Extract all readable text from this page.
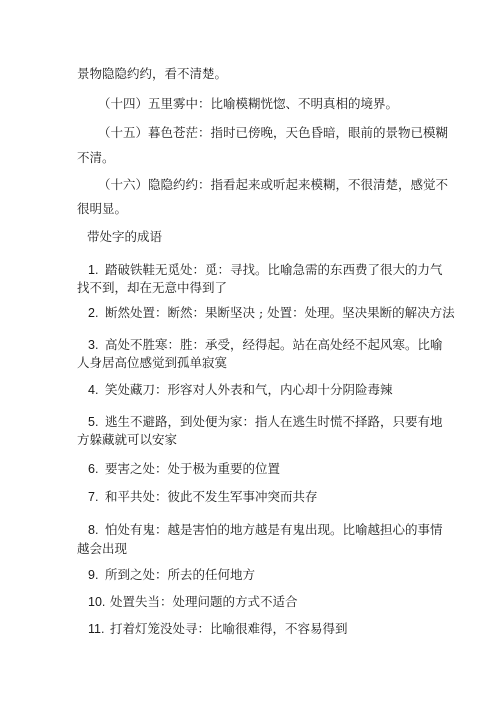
景物隐隐约约，看不清楚。
（十四）五里雾中：比喻模糊恍惚、不明真相的境界。
（十五）暮色苍茫：指时已傍晚，天色昏暗，眼前的景物已模糊
不清。
（十六）隐隐约约：指看起来或听起来模糊，不很清楚，感觉不
很明显。
带处字的成语
1. 踏破铁鞋无觅处：觅：寻找。比喻急需的东西费了很大的力气
找不到，却在无意中得到了
2. 断然处置：断然：果断坚决 ; 处置：处理。坚决果断的解决方法
3. 高处不胜寒：胜：承受，经得起。站在高处经不起风寒。比喻
人身居高位感觉到孤单寂寞
4. 笑处藏刀：形容对人外表和气，内心却十分阴险毒辣
5. 逃生不避路，到处便为家：指人在逃生时慌不择路，只要有地
方躲藏就可以安家
6. 要害之处：处于极为重要的位置
7. 和平共处：彼此不发生军事冲突而共存
8. 怕处有鬼：越是害怕的地方越是有鬼出现。比喻越担心的事情
越会出现
9. 所到之处：所去的任何地方
10. 处置失当：处理问题的方式不适合
11. 打着灯笼没处寻：比喻很难得，不容易得到
